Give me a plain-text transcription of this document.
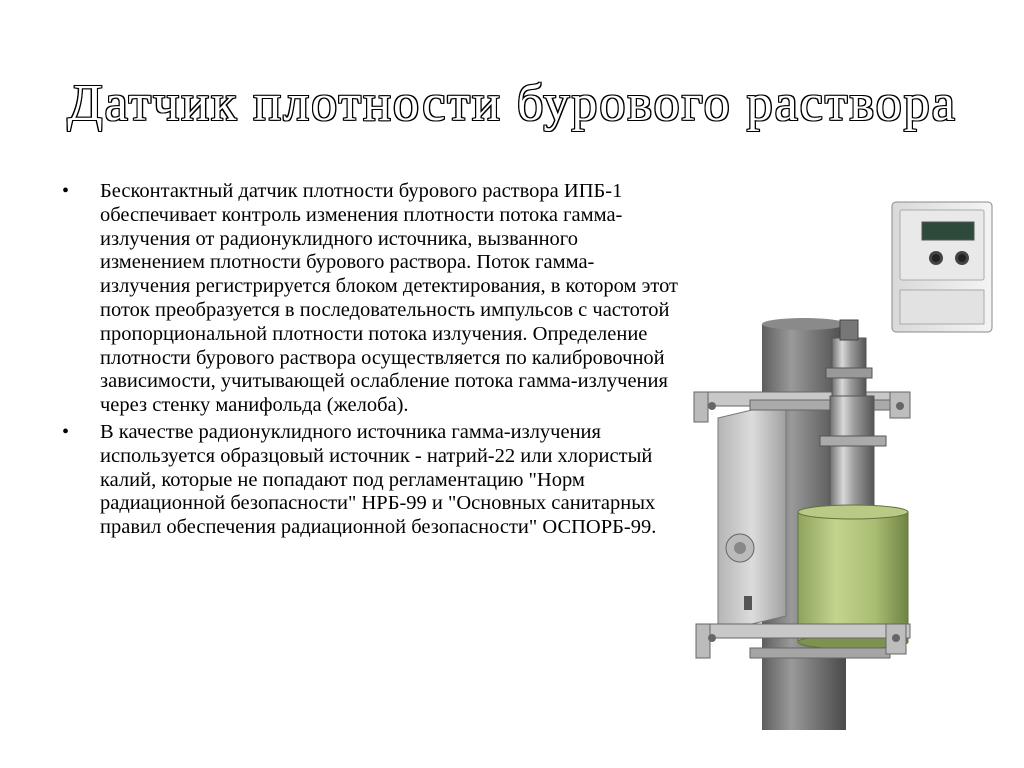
Датчик плотности бурового раствора
• Бесконтактный датчик плотности бурового раствора ИПБ-1 обеспечивает контроль изменения плотности потока гамма-излучения от радионуклидного источника, вызванного изменением плотности бурового раствора. Поток гамма-излучения регистрируется блоком детектирования, в котором этот поток преобразуется в последовательность импульсов с частотой пропорциональной плотности потока излучения. Определение плотности бурового раствора осуществляется по калибровочной зависимости, учитывающей ослабление потока гамма-излучения через стенку манифольда (желоба).
• В качестве радионуклидного источника гамма-излучения используется образцовый источник - натрий-22 или хлористый калий, которые не попадают под регламентацию "Норм радиационной безопасности" НРБ-99 и "Основных санитарных правил обеспечения радиационной безопасности" ОСПОРБ-99.
